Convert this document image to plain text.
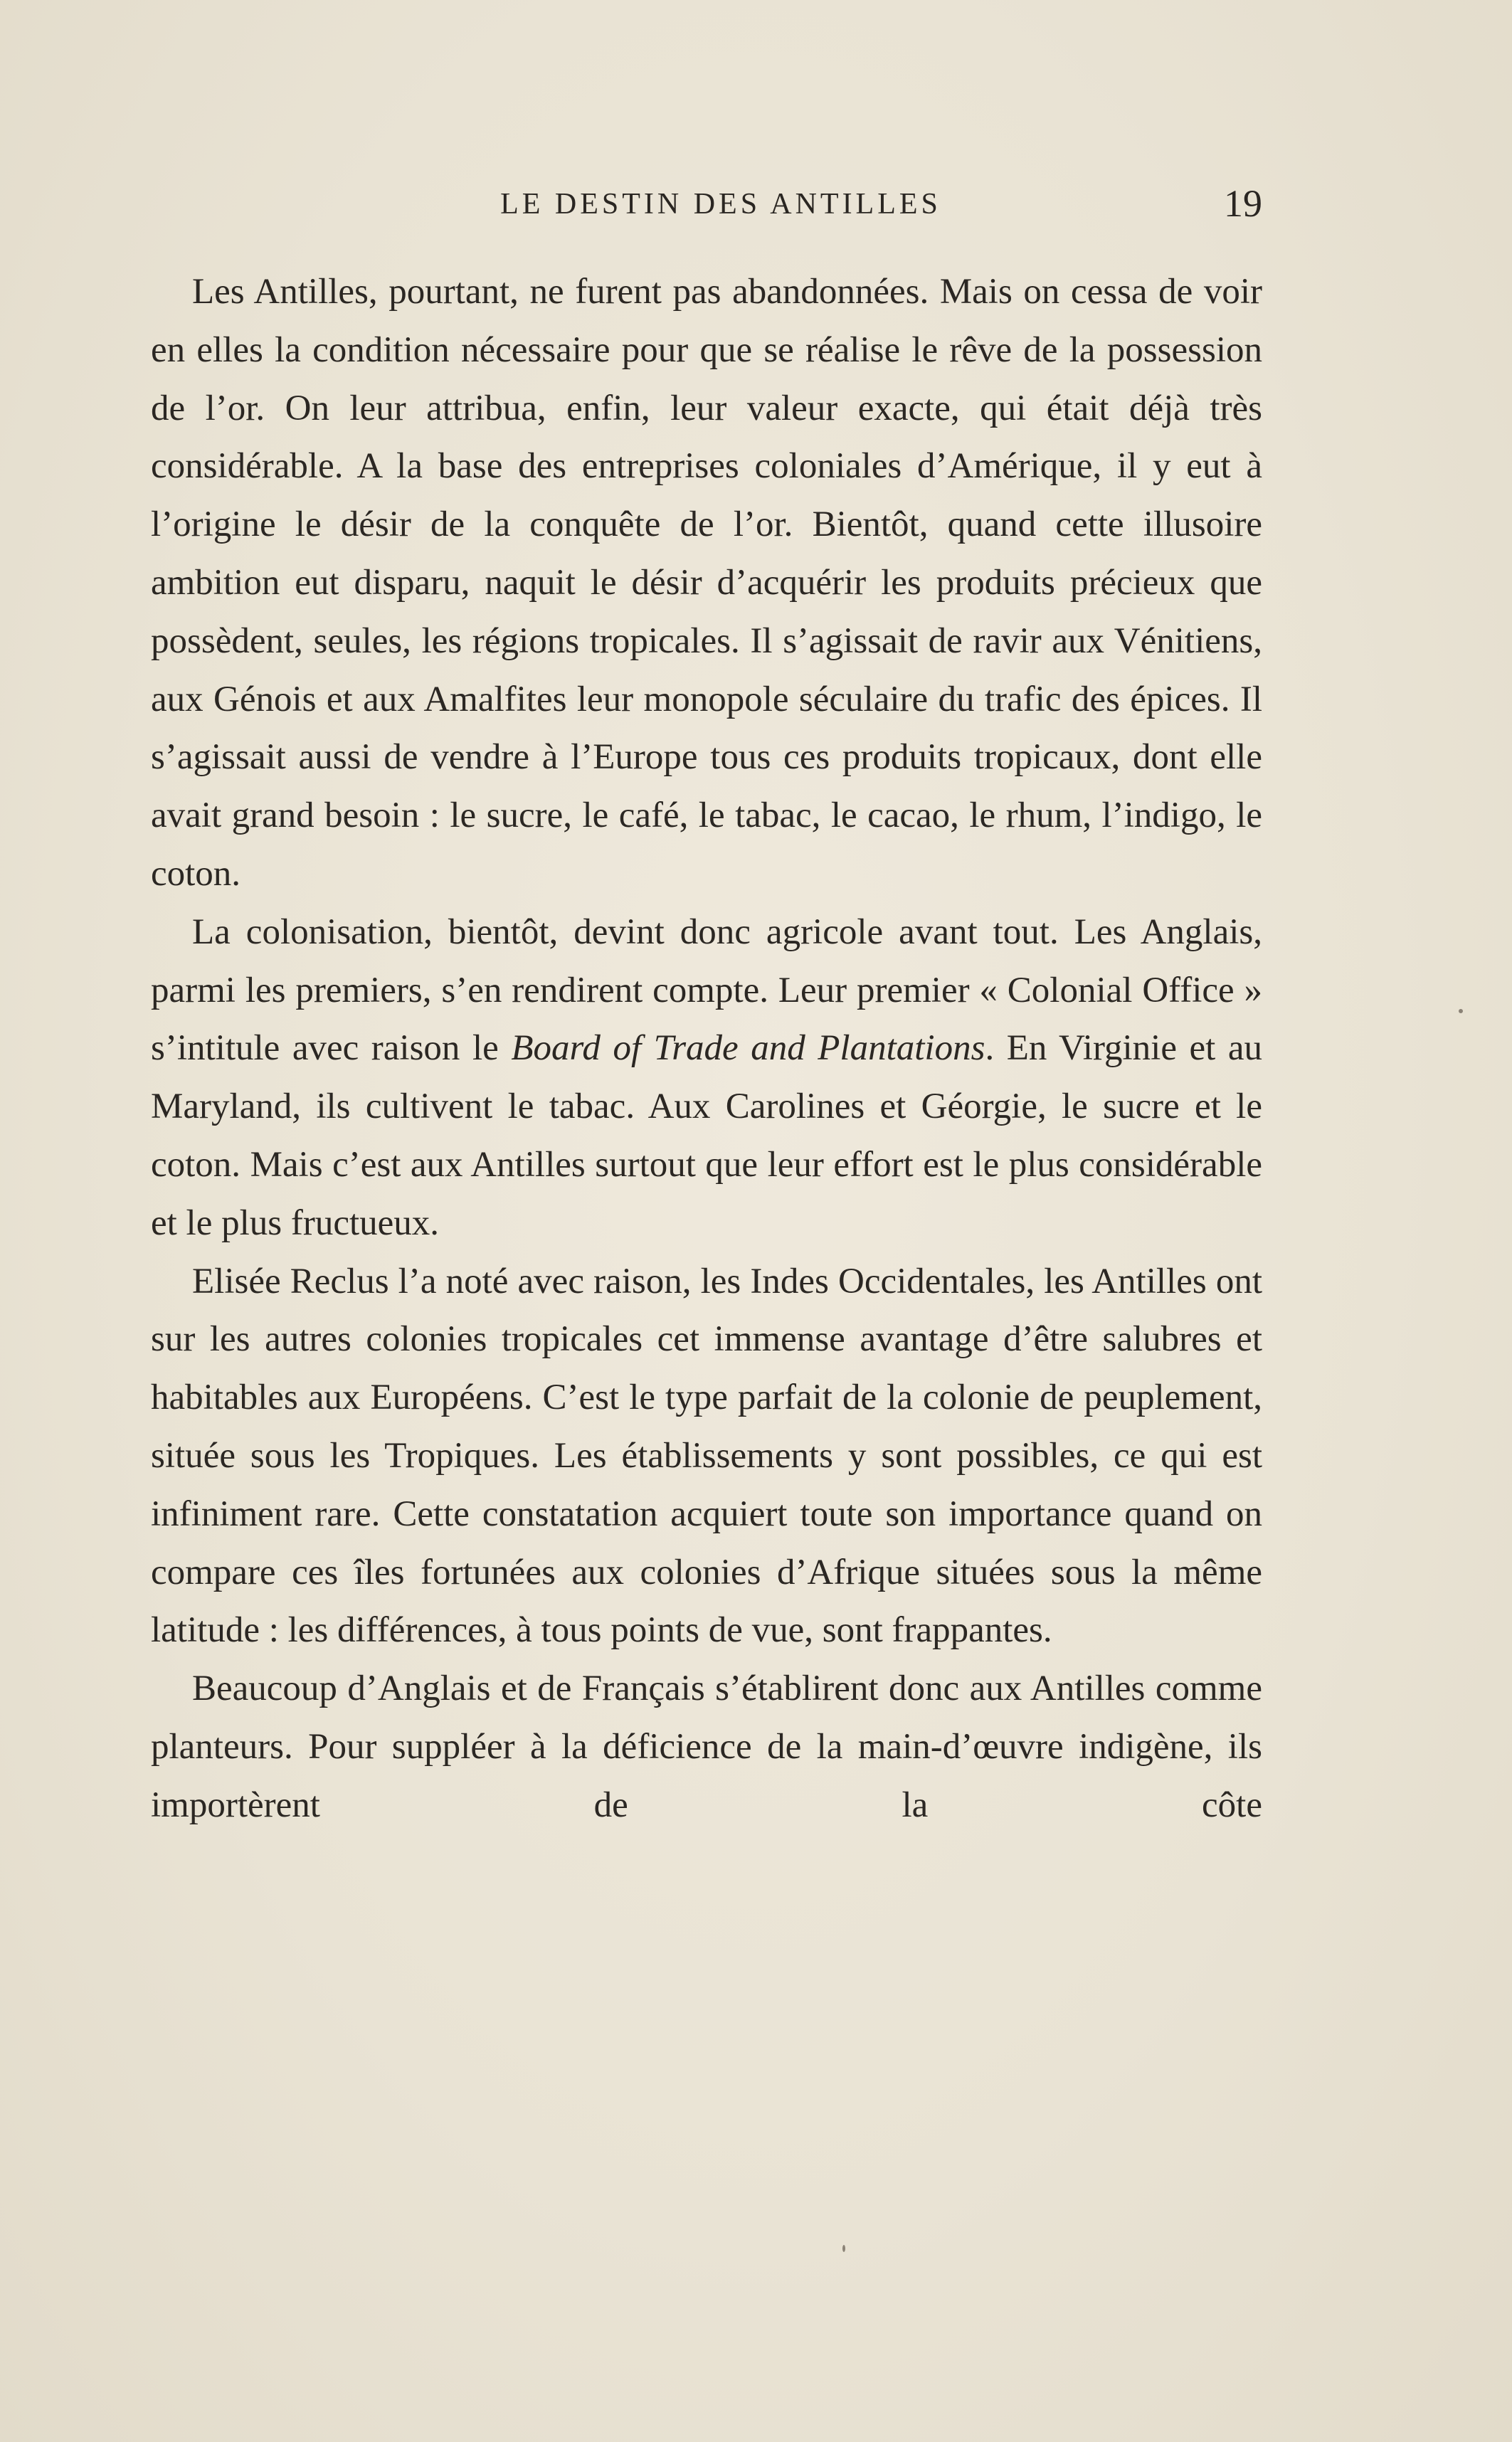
LE DESTIN DES ANTILLES	19

Les Antilles, pourtant, ne furent pas abandonnées. Mais on cessa de voir en elles la condition nécessaire pour que se réalise le rêve de la possession de l’or. On leur attribua, enfin, leur valeur exacte, qui était déjà très considérable. A la base des entreprises coloniales d’Amérique, il y eut à l’origine le désir de la conquête de l’or. Bientôt, quand cette illusoire ambition eut disparu, naquit le désir d’acquérir les produits précieux que possèdent, seules, les régions tropicales. Il s’agissait de ravir aux Vénitiens, aux Génois et aux Amalfites leur monopole séculaire du trafic des épices. Il s’agissait aussi de vendre à l’Europe tous ces produits tropicaux, dont elle avait grand besoin : le sucre, le café, le tabac, le cacao, le rhum, l’indigo, le coton.

La colonisation, bientôt, devint donc agricole avant tout. Les Anglais, parmi les premiers, s’en rendirent compte. Leur premier « Colonial Office » s’intitule avec raison le Board of Trade and Plantations. En Virginie et au Maryland, ils cultivent le tabac. Aux Carolines et Géorgie, le sucre et le coton. Mais c’est aux Antilles surtout que leur effort est le plus considérable et le plus fructueux.

Elisée Reclus l’a noté avec raison, les Indes Occidentales, les Antilles ont sur les autres colonies tropicales cet immense avantage d’être salubres et habitables aux Européens. C’est le type parfait de la colonie de peuplement, située sous les Tropiques. Les établissements y sont possibles, ce qui est infiniment rare. Cette constatation acquiert toute son importance quand on compare ces îles fortunées aux colonies d’Afrique situées sous la même latitude : les différences, à tous points de vue, sont frappantes.

Beaucoup d’Anglais et de Français s’établirent donc aux Antilles comme planteurs. Pour suppléer à la déficience de la main-d’œuvre indigène, ils importèrent de la côte
